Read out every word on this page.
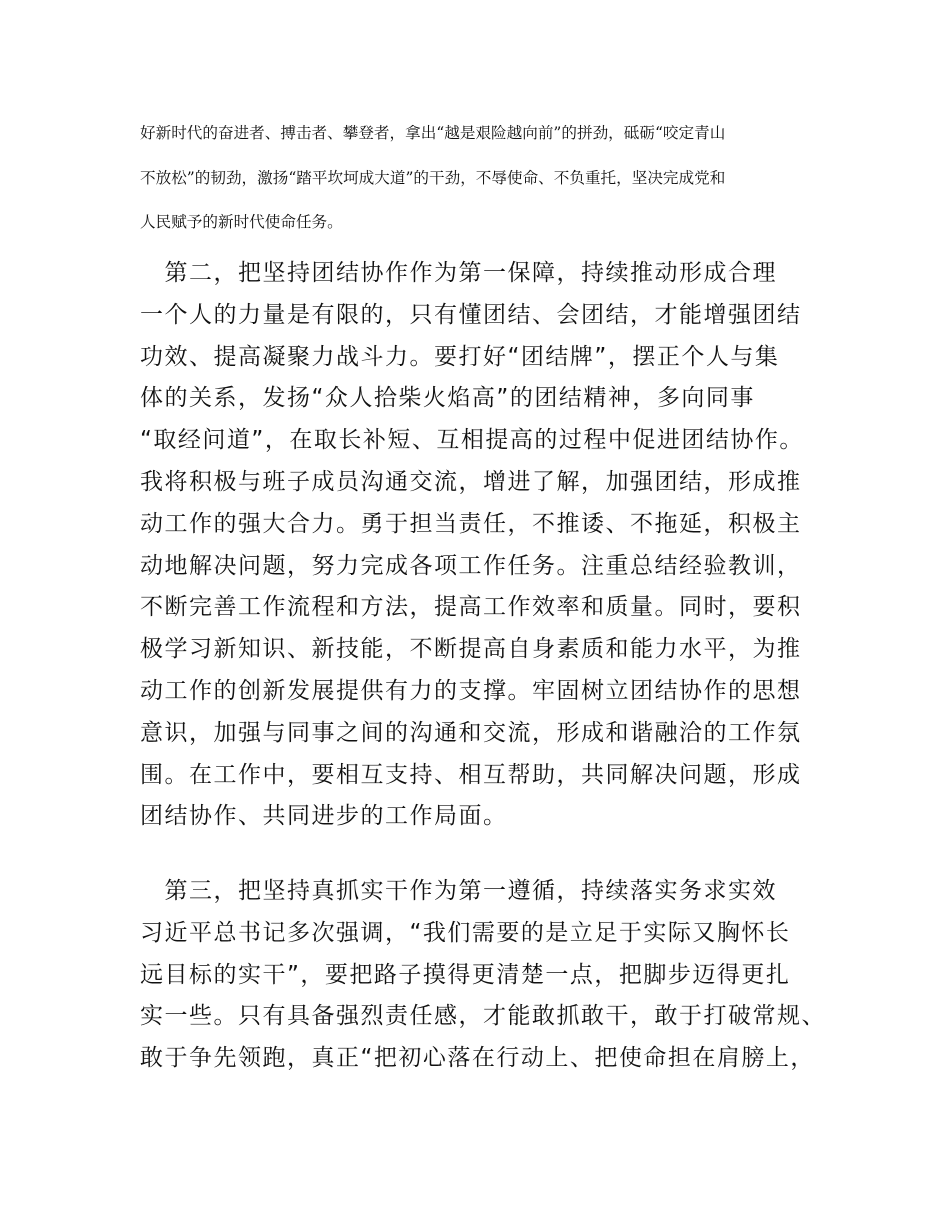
好新时代的奋进者、搏击者、攀登者，拿出“越是艰险越向前”的拼劲，砥砺“咬定青山
不放松”的韧劲，激扬“踏平坎坷成大道”的干劲，不辱使命、不负重托，坚决完成党和
人民赋予的新时代使命任务。
　第二，把坚持团结协作作为第一保障，持续推动形成合理
一个人的力量是有限的，只有懂团结、会团结，才能增强团结
功效、提高凝聚力战斗力。要打好“团结牌”，摆正个人与集
体的关系，发扬“众人拾柴火焰高”的团结精神，多向同事
“取经问道”，在取长补短、互相提高的过程中促进团结协作。
我将积极与班子成员沟通交流，增进了解，加强团结，形成推
动工作的强大合力。勇于担当责任，不推诿、不拖延，积极主
动地解决问题，努力完成各项工作任务。注重总结经验教训，
不断完善工作流程和方法，提高工作效率和质量。同时，要积
极学习新知识、新技能，不断提高自身素质和能力水平，为推
动工作的创新发展提供有力的支撑。牢固树立团结协作的思想
意识，加强与同事之间的沟通和交流，形成和谐融洽的工作氛
围。在工作中，要相互支持、相互帮助，共同解决问题，形成
团结协作、共同进步的工作局面。
　第三，把坚持真抓实干作为第一遵循，持续落实务求实效
习近平总书记多次强调，“我们需要的是立足于实际又胸怀长
远目标的实干”，要把路子摸得更清楚一点，把脚步迈得更扎
实一些。只有具备强烈责任感，才能敢抓敢干，敢于打破常规、
敢于争先领跑，真正“把初心落在行动上、把使命担在肩膀上，
